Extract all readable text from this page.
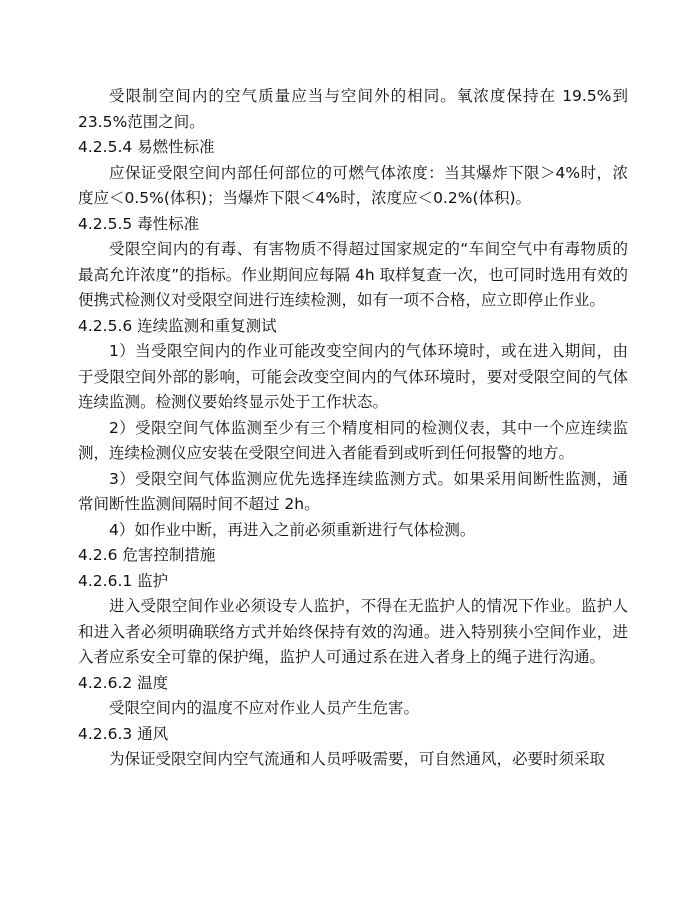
受限制空间内的空气质量应当与空间外的相同。氧浓度保持在 19.5%到23.5%范围之间。

4.2.5.4 易燃性标准

应保证受限空间内部任何部位的可燃气体浓度：当其爆炸下限＞4%时，浓度应＜0.5%(体积)；当爆炸下限＜4%时，浓度应＜0.2%(体积)。

4.2.5.5 毒性标准

受限空间内的有毒、有害物质不得超过国家规定的“车间空气中有毒物质的最高允许浓度”的指标。作业期间应每隔 4h 取样复查一次，也可同时选用有效的便携式检测仪对受限空间进行连续检测，如有一项不合格，应立即停止作业。

4.2.5.6 连续监测和重复测试

1）当受限空间内的作业可能改变空间内的气体环境时，或在进入期间，由于受限空间外部的影响，可能会改变空间内的气体环境时，要对受限空间的气体连续监测。检测仪要始终显示处于工作状态。

2）受限空间气体监测至少有三个精度相同的检测仪表，其中一个应连续监测，连续检测仪应安装在受限空间进入者能看到或听到任何报警的地方。

3）受限空间气体监测应优先选择连续监测方式。如果采用间断性监测，通常间断性监测间隔时间不超过 2h。

4）如作业中断，再进入之前必须重新进行气体检测。

4.2.6 危害控制措施

4.2.6.1 监护

进入受限空间作业必须设专人监护，不得在无监护人的情况下作业。监护人和进入者必须明确联络方式并始终保持有效的沟通。进入特别狭小空间作业，进入者应系安全可靠的保护绳，监护人可通过系在进入者身上的绳子进行沟通。

4.2.6.2 温度

受限空间内的温度不应对作业人员产生危害。

4.2.6.3 通风

为保证受限空间内空气流通和人员呼吸需要，可自然通风，必要时须采取
